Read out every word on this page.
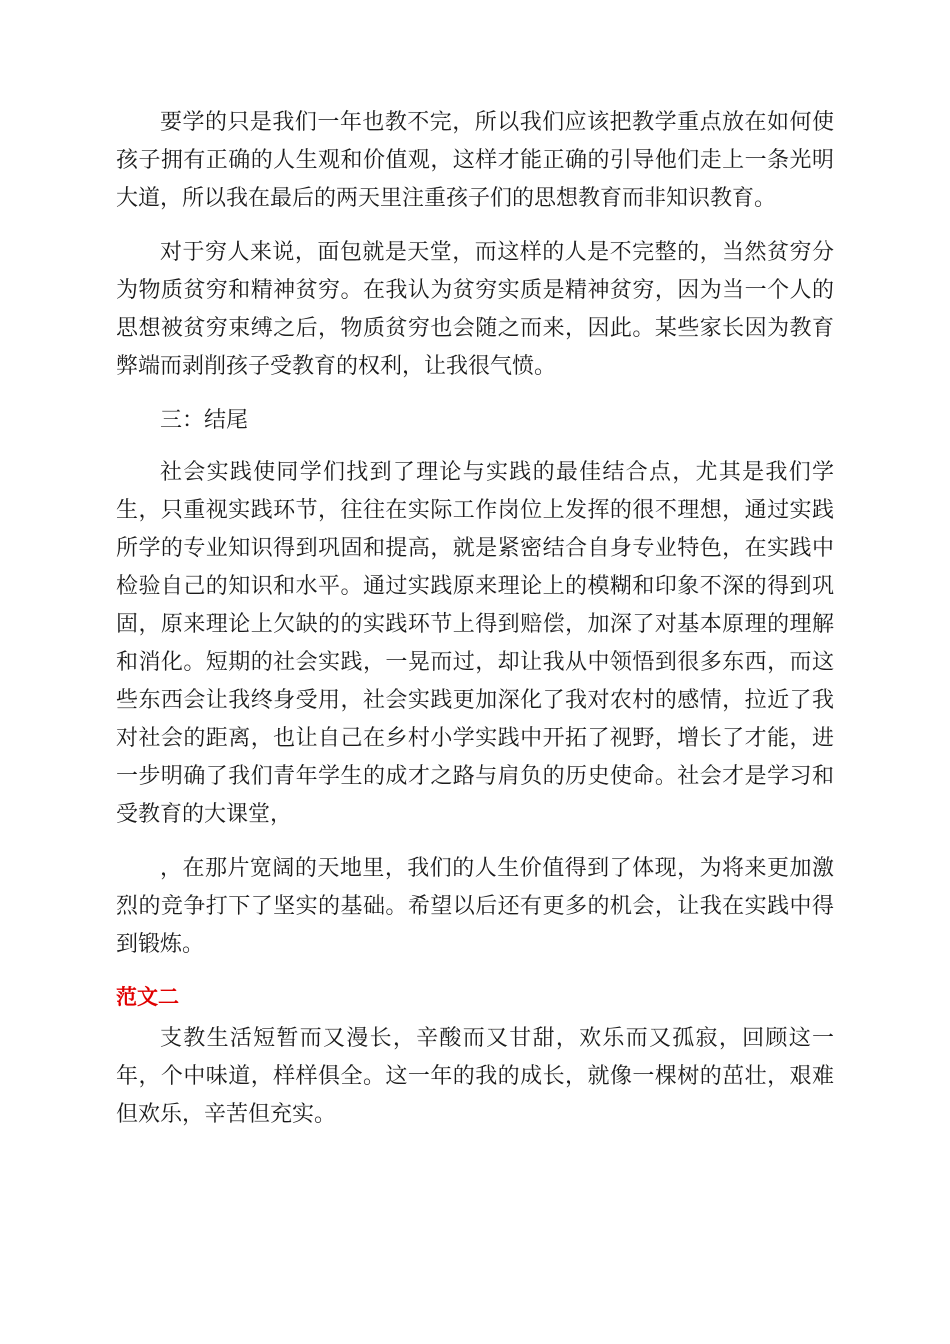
要学的只是我们一年也教不完，所以我们应该把教学重点放在如何使孩子拥有正确的人生观和价值观，这样才能正确的引导他们走上一条光明大道，所以我在最后的两天里注重孩子们的思想教育而非知识教育。

对于穷人来说，面包就是天堂，而这样的人是不完整的，当然贫穷分为物质贫穷和精神贫穷。在我认为贫穷实质是精神贫穷，因为当一个人的思想被贫穷束缚之后，物质贫穷也会随之而来，因此。某些家长因为教育弊端而剥削孩子受教育的权利，让我很气愤。

三：结尾

社会实践使同学们找到了理论与实践的最佳结合点，尤其是我们学生，只重视实践环节，往往在实际工作岗位上发挥的很不理想，通过实践所学的专业知识得到巩固和提高，就是紧密结合自身专业特色，在实践中检验自己的知识和水平。通过实践原来理论上的模糊和印象不深的得到巩固，原来理论上欠缺的的实践环节上得到赔偿，加深了对基本原理的理解和消化。短期的社会实践，一晃而过，却让我从中领悟到很多东西，而这些东西会让我终身受用，社会实践更加深化了我对农村的感情，拉近了我对社会的距离，也让自己在乡村小学实践中开拓了视野，增长了才能，进一步明确了我们青年学生的成才之路与肩负的历史使命。社会才是学习和受教育的大课堂，

，在那片宽阔的天地里，我们的人生价值得到了体现，为将来更加激烈的竞争打下了坚实的基础。希望以后还有更多的机会，让我在实践中得到锻炼。

范文二

支教生活短暂而又漫长，辛酸而又甘甜，欢乐而又孤寂，回顾这一年，个中味道，样样俱全。这一年的我的成长，就像一棵树的茁壮，艰难但欢乐，辛苦但充实。
